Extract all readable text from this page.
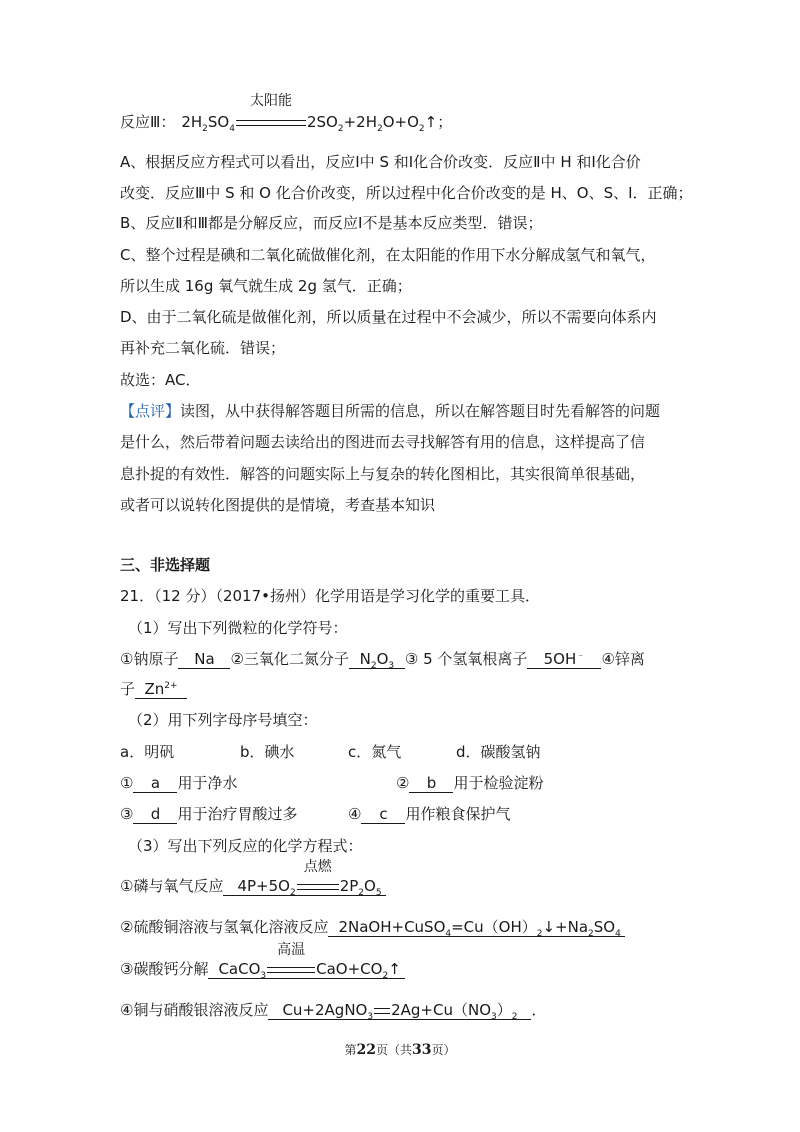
反应Ⅲ： $2H_2SO_4$
太阳能
$2SO_2+2H_2O+O_2↑$；
A、根据反应方程式可以看出，反应Ⅰ中 S 和Ⅰ化合价改变．反应Ⅱ中 H 和Ⅰ化合价
改变．反应Ⅲ中 S 和 O 化合价改变，所以过程中化合价改变的是 H、O、S、I．正确；
B、反应Ⅱ和Ⅲ都是分解反应，而反应Ⅰ不是基本反应类型．错误；
C、整个过程是碘和二氧化硫做催化剂，在太阳能的作用下水分解成氢气和氧气，
所以生成 16g 氧气就生成 2g 氢气．正确；
D、由于二氧化硫是做催化剂，所以质量在过程中不会减少，所以不需要向体系内
再补充二氧化硫．错误；
故选：AC．
【点评】读图，从中获得解答题目所需的信息，所以在解答题目时先看解答的问题
是什么，然后带着问题去读给出的图进而去寻找解答有用的信息，这样提高了信
息扑捉的有效性．解答的问题实际上与复杂的转化图相比，其实很简单很基础，
或者可以说转化图提供的是情境，考查基本知识
三、非选择题
21．（12 分）（2017•扬州）化学用语是学习化学的重要工具．
（1）写出下列微粒的化学符号：
①钠原子 Na ②三氧化二氮分子 $N_2O_3$ ③ 5 个氢氧根离子 5OH﹣ ④锌离
子 $Zn^{2+}$
（2）用下列字母序号填空：
a．明矾	b．碘水	c．氮气	d．碳酸氢钠
① a 用于净水	② b 用于检验淀粉
③ d 用于治疗胃酸过多	④ c 用作粮食保护气
（3）写出下列反应的化学方程式：
①磷与氧气反应 $4P+5O_2$
点燃
$2P_2O_5$
②硫酸铜溶液与氢氧化溶液反应 $2NaOH+CuSO_4=Cu(OH)_2↓+Na_2SO_4$
③碳酸钙分解 CaCO$_3$
高温
$CaO+CO_2↑$
④铜与硝酸银溶液反应 Cu+2AgNO$_3$ $2Ag+Cu(NO_3)_2$ ．
第22页（共33页）
